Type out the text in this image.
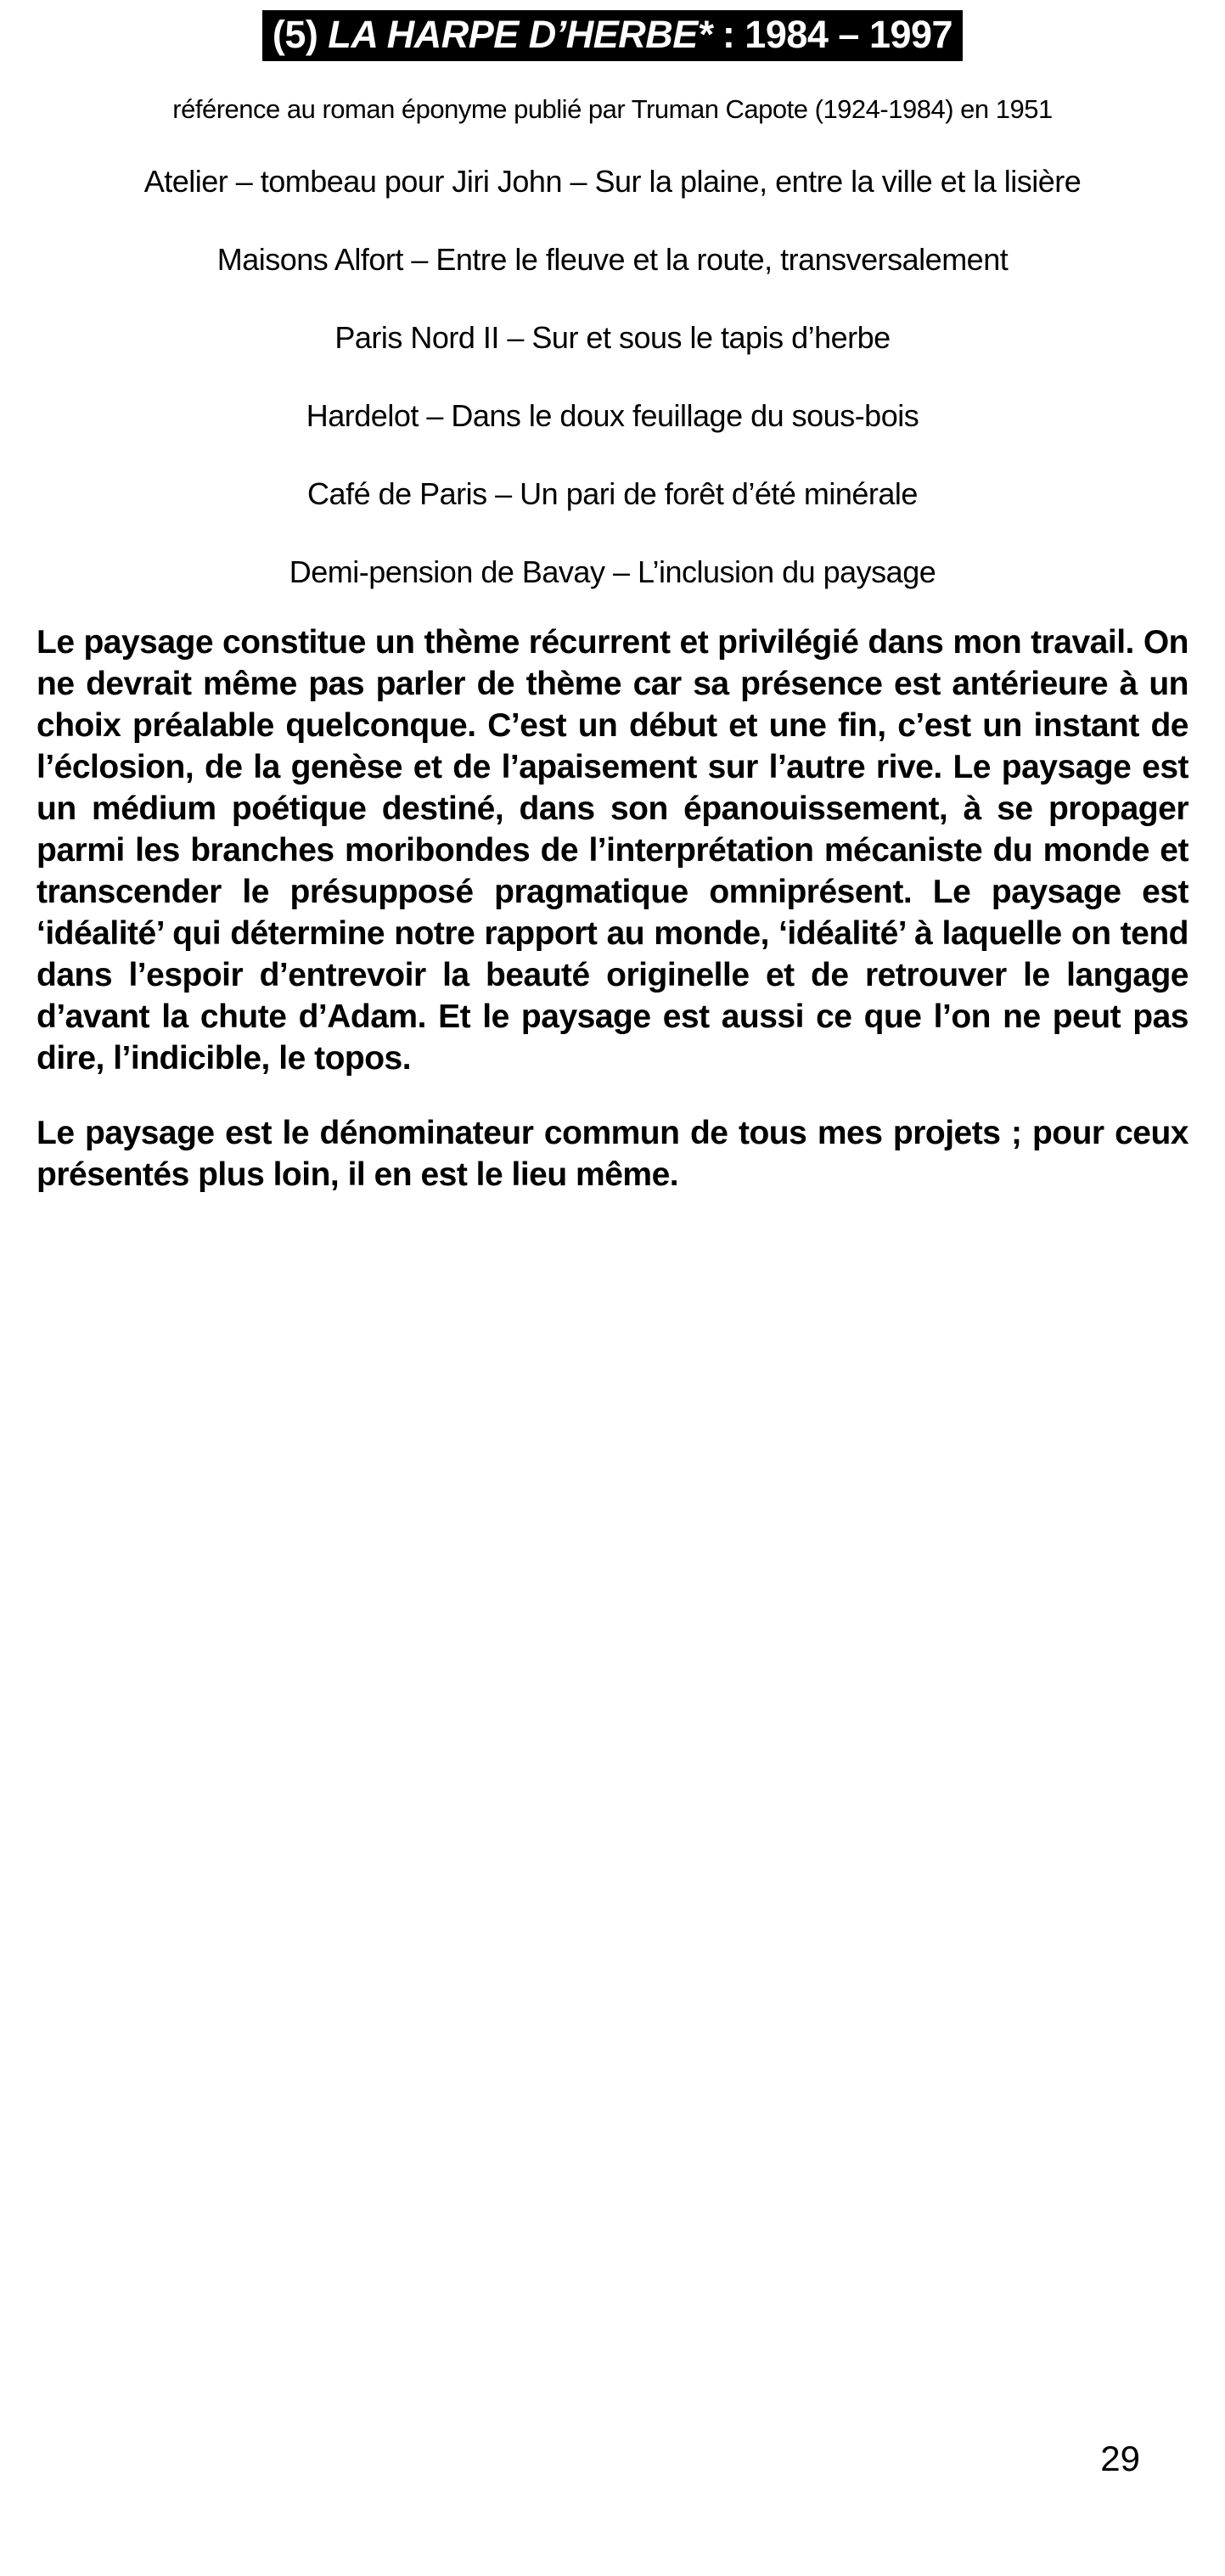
(5) LA HARPE D’HERBE* : 1984 – 1997
référence au roman éponyme publié par Truman Capote (1924-1984) en 1951
Atelier – tombeau pour Jiri John – Sur la plaine, entre la ville et la lisière
Maisons Alfort – Entre le fleuve et la route, transversalement
Paris Nord II – Sur et sous le tapis d’herbe
Hardelot – Dans le doux feuillage du sous-bois
Café de Paris – Un pari de forêt d’été minérale
Demi-pension de Bavay – L’inclusion du paysage

Le paysage constitue un thème récurrent et privilégié dans mon travail. On ne devrait même pas parler de thème car sa présence est antérieure à un choix préalable quelconque. C’est un début et une fin, c’est un instant de l’éclosion, de la genèse et de l’apaisement sur l’autre rive. Le paysage est un médium poétique destiné, dans son épanouissement, à se propager parmi les branches moribondes de l’interprétation mécaniste du monde et transcender le présupposé pragmatique omniprésent. Le paysage est ‘idéalité’ qui détermine notre rapport au monde, ‘idéalité’ à laquelle on tend dans l’espoir d’entrevoir la beauté originelle et de retrouver le langage d’avant la chute d’Adam. Et le paysage est aussi ce que l’on ne peut pas dire, l’indicible, le topos.

Le paysage est le dénominateur commun de tous mes projets ; pour ceux présentés plus loin, il en est le lieu même.

29
